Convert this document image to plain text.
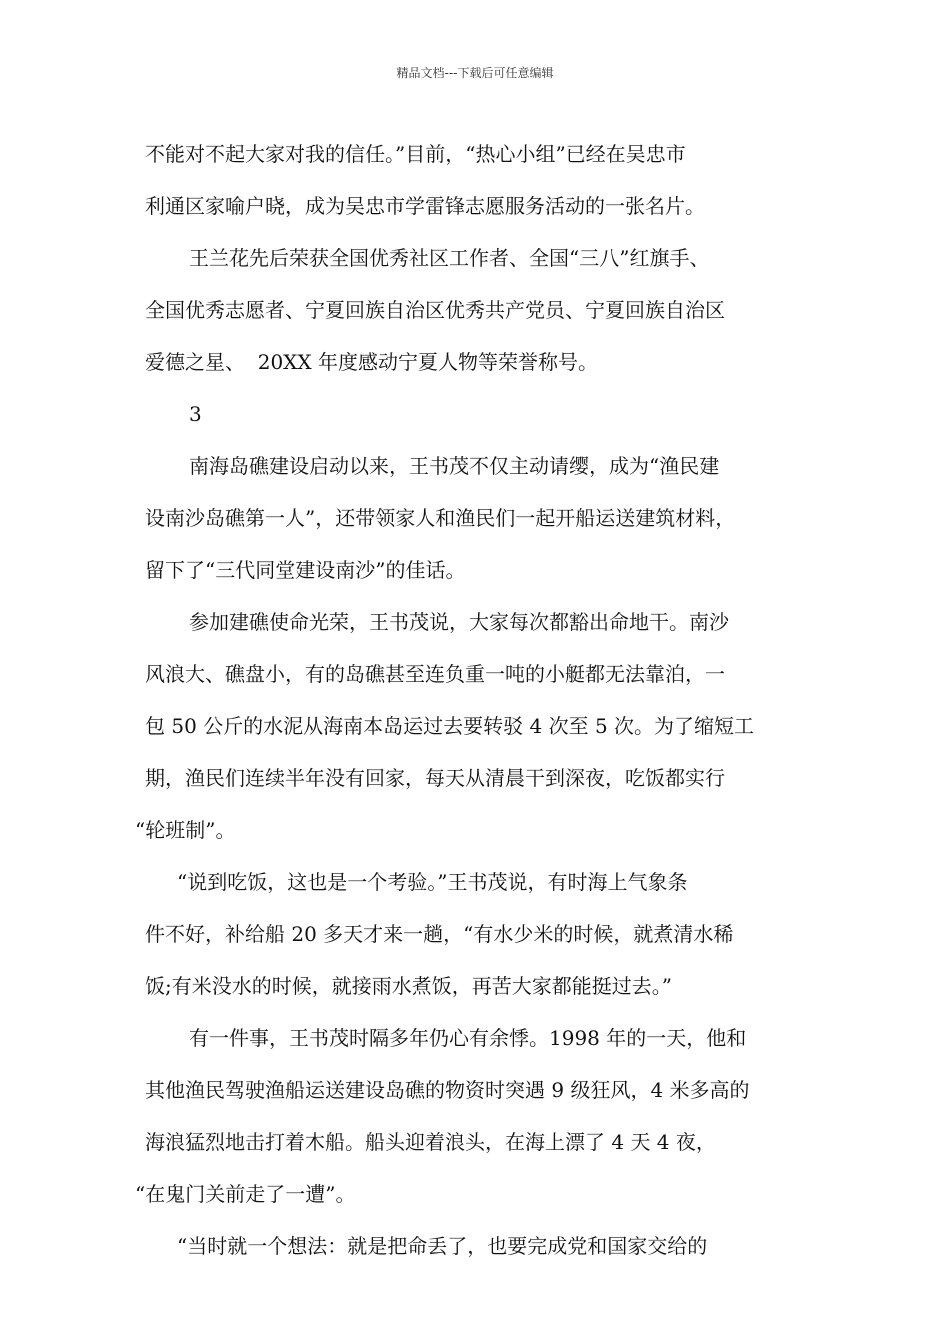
精品文档---下载后可任意编辑
不能对不起大家对我的信任。”目前，“热心小组”已经在吴忠市
利通区家喻户晓，成为吴忠市学雷锋志愿服务活动的一张名片。
王兰花先后荣获全国优秀社区工作者、全国“三八”红旗手、
全国优秀志愿者、宁夏回族自治区优秀共产党员、宁夏回族自治区
爱德之星、  20XX 年度感动宁夏人物等荣誉称号。
3
南海岛礁建设启动以来，王书茂不仅主动请缨，成为“渔民建
设南沙岛礁第一人”，还带领家人和渔民们一起开船运送建筑材料，
留下了“三代同堂建设南沙”的佳话。
参加建礁使命光荣，王书茂说，大家每次都豁出命地干。南沙
风浪大、礁盘小，有的岛礁甚至连负重一吨的小艇都无法靠泊，一
包 50 公斤的水泥从海南本岛运过去要转驳 4 次至 5 次。为了缩短工
期，渔民们连续半年没有回家，每天从清晨干到深夜，吃饭都实行
“轮班制”。
“说到吃饭，这也是一个考验。”王书茂说，有时海上气象条
件不好，补给船 20 多天才来一趟，“有水少米的时候，就煮清水稀
饭;有米没水的时候，就接雨水煮饭，再苦大家都能挺过去。”
有一件事，王书茂时隔多年仍心有余悸。1998 年的一天，他和
其他渔民驾驶渔船运送建设岛礁的物资时突遇 9 级狂风，4 米多高的
海浪猛烈地击打着木船。船头迎着浪头，在海上漂了 4 天 4 夜，
“在鬼门关前走了一遭”。
“当时就一个想法：就是把命丢了，也要完成党和国家交给的
